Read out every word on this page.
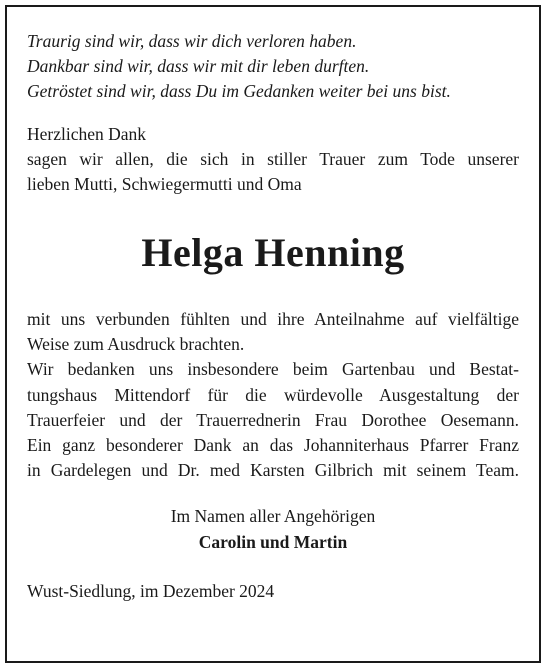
Traurig sind wir, dass wir dich verloren haben.
Dankbar sind wir, dass wir mit dir leben durften.
Getröstet sind wir, dass Du im Gedanken weiter bei uns bist.

Herzlichen Dank
sagen wir allen, die sich in stiller Trauer zum Tode unserer
lieben Mutti, Schwiegermutti und Oma
Helga Henning
mit uns verbunden fühlten und ihre Anteilnahme auf vielfältige
Weise zum Ausdruck brachten.
Wir bedanken uns insbesondere beim Gartenbau und Bestat-
tungshaus Mittendorf für die würdevolle Ausgestaltung der
Trauerfeier und der Trauerrednerin Frau Dorothee Oesemann.
Ein ganz besonderer Dank an das Johanniterhaus Pfarrer Franz
in Gardelegen und Dr. med Karsten Gilbrich mit seinem Team.
Im Namen aller Angehörigen
Carolin und Martin
Wust-Siedlung, im Dezember 2024
